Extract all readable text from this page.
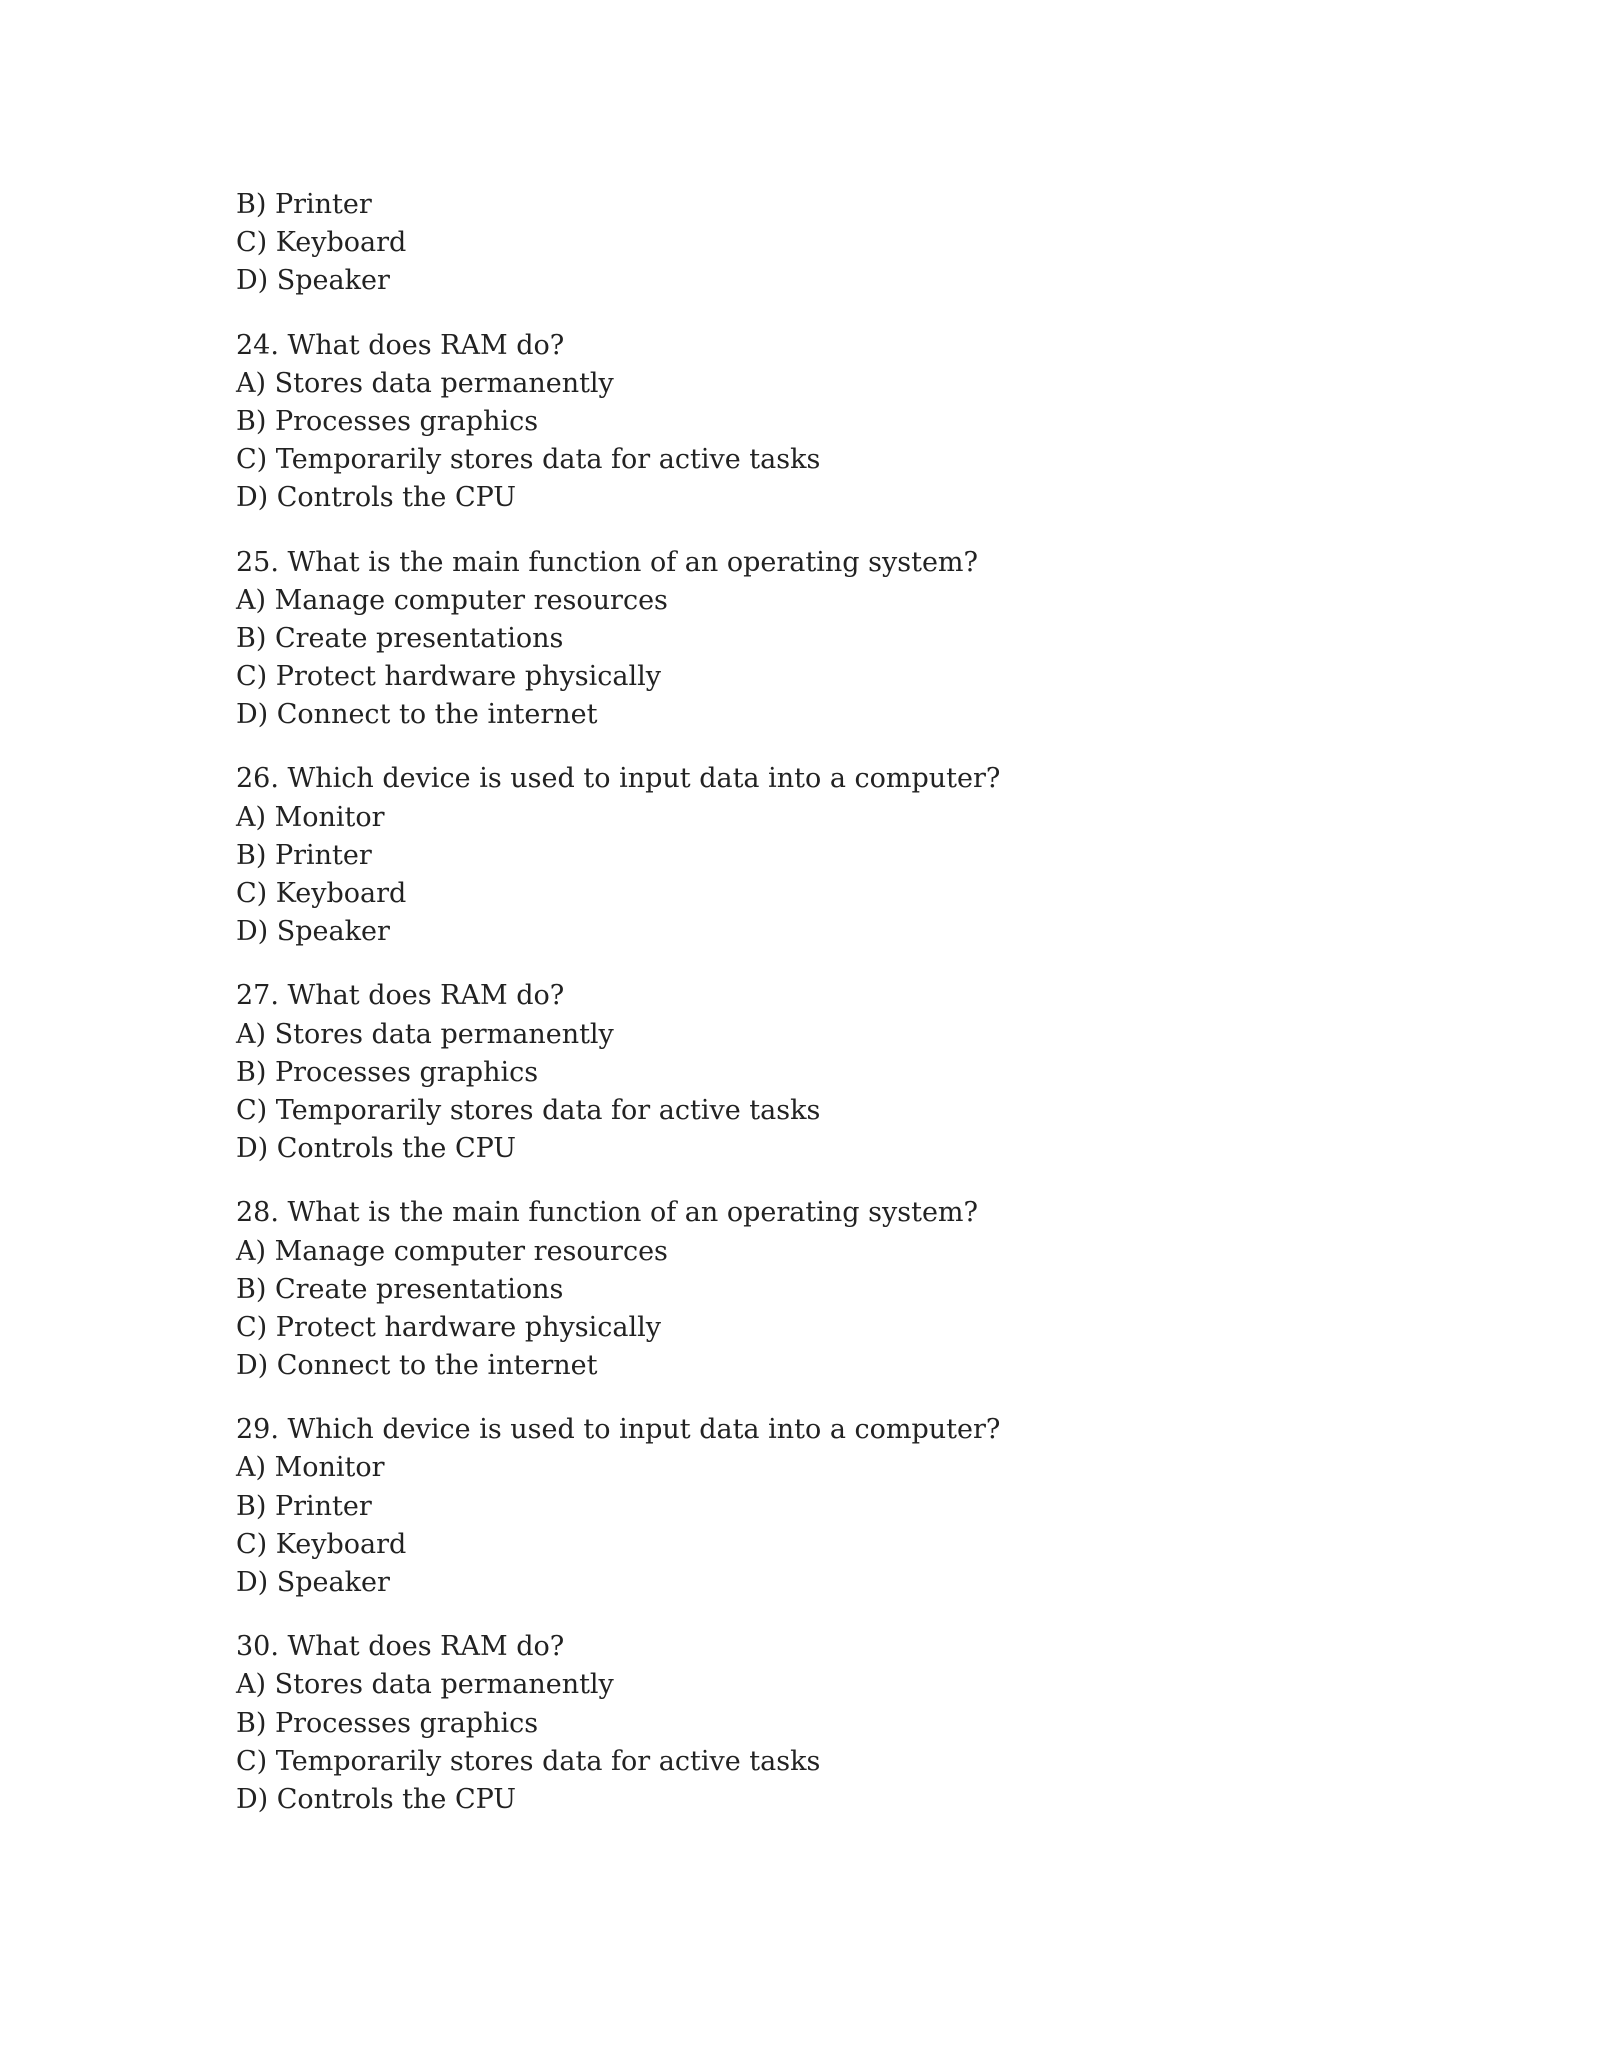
B) Printer
C) Keyboard
D) Speaker
24. What does RAM do?
A) Stores data permanently
B) Processes graphics
C) Temporarily stores data for active tasks
D) Controls the CPU
25. What is the main function of an operating system?
A) Manage computer resources
B) Create presentations
C) Protect hardware physically
D) Connect to the internet
26. Which device is used to input data into a computer?
A) Monitor
B) Printer
C) Keyboard
D) Speaker
27. What does RAM do?
A) Stores data permanently
B) Processes graphics
C) Temporarily stores data for active tasks
D) Controls the CPU
28. What is the main function of an operating system?
A) Manage computer resources
B) Create presentations
C) Protect hardware physically
D) Connect to the internet
29. Which device is used to input data into a computer?
A) Monitor
B) Printer
C) Keyboard
D) Speaker
30. What does RAM do?
A) Stores data permanently
B) Processes graphics
C) Temporarily stores data for active tasks
D) Controls the CPU
